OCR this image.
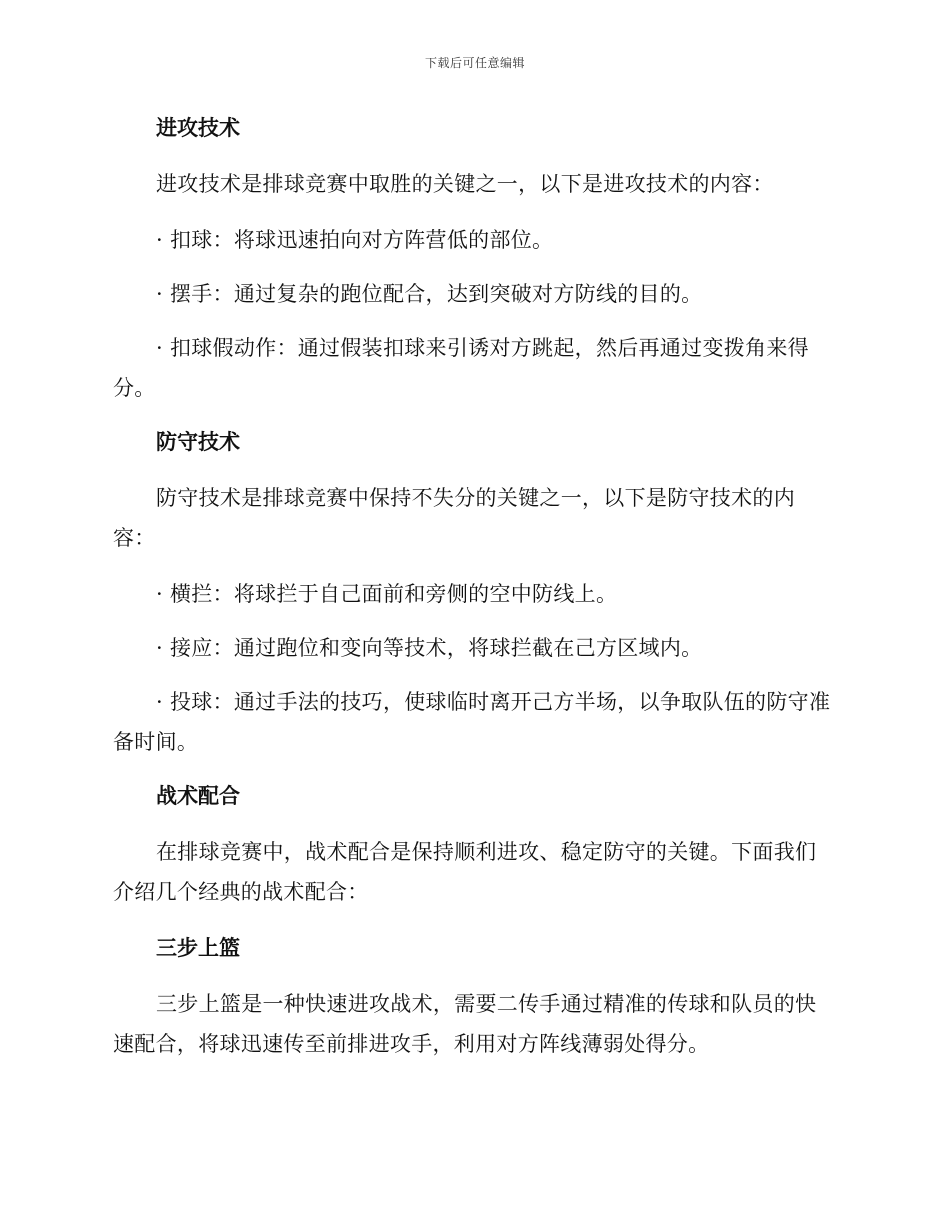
下载后可任意编辑
进攻技术

进攻技术是排球竞赛中取胜的关键之一，以下是进攻技术的内容：

· 扣球：将球迅速拍向对方阵营低的部位。

· 摆手：通过复杂的跑位配合，达到突破对方防线的目的。

· 扣球假动作：通过假装扣球来引诱对方跳起，然后再通过变拨角来得分。

防守技术

防守技术是排球竞赛中保持不失分的关键之一，以下是防守技术的内容：

· 横拦：将球拦于自己面前和旁侧的空中防线上。

· 接应：通过跑位和变向等技术，将球拦截在己方区域内。

· 投球：通过手法的技巧，使球临时离开己方半场，以争取队伍的防守准备时间。

战术配合

在排球竞赛中，战术配合是保持顺利进攻、稳定防守的关键。下面我们介绍几个经典的战术配合：

三步上篮

三步上篮是一种快速进攻战术，需要二传手通过精准的传球和队员的快速配合，将球迅速传至前排进攻手，利用对方阵线薄弱处得分。
